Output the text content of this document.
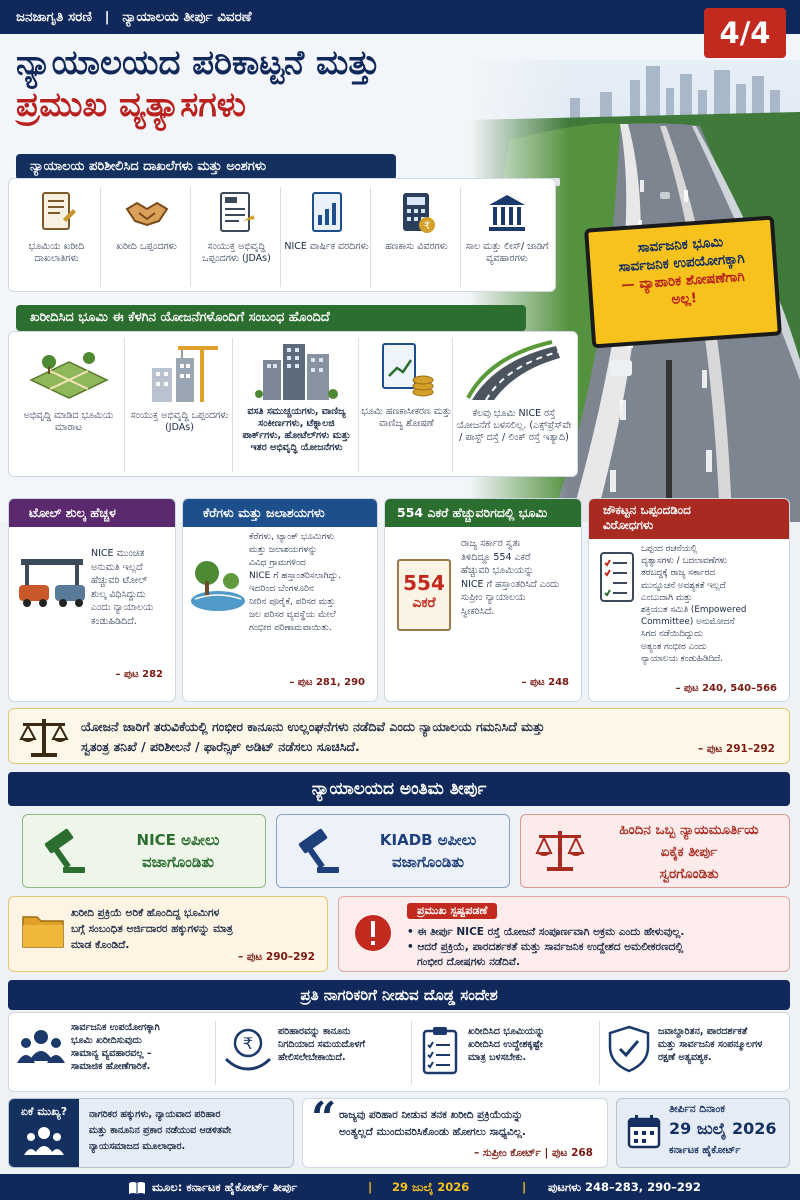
ಜನಜಾಗೃತಿ ಸರಣಿ | ನ್ಯಾಯಾಲಯ ತೀರ್ಪು ವಿವರಣೆ	4/4
ನ್ಯಾಯಾಲಯದ ಪರಿಕಾಟ್ಟನೆ ಮತ್ತು
ಪ್ರಮುಖ ವ್ಯತ್ಯಾಸಗಳು
ಸಾರ್ವಜನಿಕ ಭೂಮಿ
ಸಾರ್ವಜನಿಕ ಉಪಯೋಗಕ್ಕಾಗಿ
— ವ್ಯಾಪಾರಿಕ ಶೋಷಣೆಗಾಗಿ
ಅಲ್ಲ!
ನ್ಯಾಯಾಲಯ ಪರಿಶೀಲಿಸಿದ ದಾಖಲೆಗಳು ಮತ್ತು ಅಂಶಗಳು
ಭೂಮಿಯ ಖರೀದಿ ದಾಖಲಾತಿಗಳು
ಖರೀದಿ ಒಪ್ಪಂದಗಳು	ಸಂಯುಕ್ತ ಅಭಿವೃದ್ಧಿ ಒಪ್ಪಂದಗಳು (JDAs)
NICE ವಾರ್ಷಿಕ ವರದಿಗಳು
₹
ಹಣಕಾಸು ವಿವರಗಳು	ಸಾಲ ಮತ್ತು ಲೀಸ್/ ಜಾಡಿಗೆ ವ್ಯವಹಾರಗಳು
ಖರೀದಿಸಿದ ಭೂಮಿ ಈ ಕೆಳಗಿನ ಯೋಜನೆಗಳೊಂದಿಗೆ ಸಂಬಂಧ ಹೊಂದಿದೆ
ಅಭಿವೃದ್ಧಿ ಮಾಡಿದ ಭೂಮಿಯ ಮಾರಾಟ
ಸಂಯುಕ್ತ ಅಭಿವೃದ್ಧಿ ಒಪ್ಪಂದಗಳು (JDAs)
ವಸತಿ ಸಮುಚ್ಚಯಗಳು, ವಾಣಿಜ್ಯ ಸಂಕೀರ್ಣಗಳು, ಟೆಕ್ನಾಲಜಿ ಪಾರ್ಕ್‌ಗಳು, ಹೋಟೆಲ್‌ಗಳು ಮತ್ತು ಇತರ ಅಭಿವೃದ್ಧಿ ಯೋಜನೆಗಳು
ಭೂಮಿ ಹಣಕಾಸೀಕರಣ ಮತ್ತು ವಾಣಿಜ್ಯ ಶೋಷಣೆ
ಕೆಲವು ಭೂಮಿ NICE ರಸ್ತೆ ಯೋಜನೆಗೆ ಬಳಸಲಿಲ್ಲ. (ಎಕ್ಸ್‌ಪ್ರೆಸ್‌ವೇ / ಪಾಸ್ಟ್ ದಸ್ತೆ / ಲಿಂಕ್ ರಸ್ತೆ ಇತ್ಯಾದಿ)
ಟೋಲ್ ಶುಲ್ಕ ಹೆಚ್ಚಳ
NICE ಮುಂಚಿತ
ಅನುಮತಿ ಇಲ್ಲದೆ
ಹೆಚ್ಚುವರಿ ಟೋಲ್
ಶುಲ್ಕ ವಿಧಿಸಿದ್ದುದು
ಎಂದು ನ್ಯಾಯಾಲಯ
ಕಂಡುಹಿಡಿದಿದೆ.
– ಪುಟ 282
ಕೆರೆಗಳು ಮತ್ತು ಜಲಾಶಯಗಳು
ಕೆರೆಗಳು, ಟ್ಯಾಂಕ್ ಭೂಮಿಗಳು
ಮತ್ತು ಜಲಾಶಯಗಳನ್ನು
ವಿವಿಧ ಗ್ರಾಮಗಳಿಂದ
NICE ಗೆ ಹಸ್ತಾಂತರಿಸಲಾಗಿದ್ದು.
ಇದರಿಂದ ಬೆಂಗಳೂರಿನ
ನೀರಿನ ಪೂರೈಕೆ, ಪರಿಸರ ಮತ್ತು
ಜಲ ಪರಿಸರ ವ್ಯವಸ್ಥೆಯ ಮೇಲೆ
ಗಂಭೀರ ಪರಿಣಾಮವಾಯಿತು.
– ಪುಟ 281, 290
554 ಎಕರೆ ಹೆಚ್ಚುವರಿಗದಲ್ಲಿ ಭೂಮಿ
554
ಎಕರೆ
ರಾಜ್ಯ ಸರ್ಕಾರ ಸ್ವತಃ
ತಿಳಿದಿದ್ದೂ 554 ಎಕರೆ
ಹೆಚ್ಚುವರಿ ಭೂಮಿಯನ್ನು
NICE ಗೆ ಹಸ್ತಾಂತರಿಸಿದೆ ಎಂದು
ಸುಪ್ರೀಂ ನ್ಯಾಯಾಲಯ
ಸ್ವೀಕರಿಸಿದೆ.
– ಪುಟ 248
ಜೌಕಟ್ಟನ ಒಪ್ಪಂದಡಿಂದ
ವಿರೋಧಗಳು
ಒಪ್ಪಂದ ರಚನೆಯಲ್ಲಿ
ವ್ಯತ್ಯಾಸಗಳು / ಬದಲಾವಣೆಗಳು
ತರಬದ್ಧಕ್ಕೆ ರಾಜ್ಯ ಸರ್ಕಾರದ
ಮುನ್ನೂಚನೆ ಅವಶ್ಯಕತೆ ಇಲ್ಲದೆ
ಎಂಬುದಾಗಿ ಮತ್ತು
ಶಕ್ತಿಯುತ ಸಮಿತಿ (Empowered
Committee) ಅನುಮೋದನೆ
ಸಿಗದ ನಡೆಯಿದಿದ್ದುದು
ಅತ್ಯಂತ ಗಂಭೀರ ಎಂದು
ನ್ಯಾಯಾಲಯ ಕಂಡುಹಿಡಿದಿದೆ.
– ಪುಟ 240, 540–566
ಯೋಜನೆ ಜಾರಿಗೆ ತರುವಿಕೆಯಲ್ಲಿ ಗಂಭೀರ ಕಾನೂನು ಉಲ್ಲಂಘನೆಗಳು ನಡೆದಿವೆ ಎಂದು ನ್ಯಾಯಾಲಯ ಗಮನಿಸಿದೆ ಮತ್ತು
ಸ್ವತಂತ್ರ ತನಿಖೆ / ಪರಿಶೀಲನೆ / ಫಾರೆನ್ಸಿಕ್ ಅಡಿಟ್ ನಡೆಸಲು ಸೂಚಿಸಿದೆ.	– ಪುಟ 291–292
ನ್ಯಾಯಾಲಯದ ಅಂತಿಮ ತೀರ್ಪು
NICE ಅಪೀಲು
ವಜಾಗೊಂಡಿತು
KIADB ಅಪೀಲು
ವಜಾಗೊಂಡಿತು
ಹಿಂದಿನ ಒಬ್ಬ ನ್ಯಾಯಮೂರ್ತಿಯ
ಏಕೈಕ ತೀರ್ಪು
ಸ್ವರಗೊಂಡಿತು
ಖರೀದಿ ಪ್ರಕ್ರಿಯೆ ಅರಿಕೆ ಹೊಂದಿದ್ದ ಭೂಮಿಗಳ
ಬಗ್ಗೆ ಸಂಬಂಧಿತ ಅರ್ಜಿದಾರರ ಹಕ್ಕುಗಳನ್ನು ಮಾತ್ರ
ಮಾಡ ಕೊಂಡಿದೆ.
– ಪುಟ 290–292
ಪ್ರಮುಖ ಸ್ಪಷ್ಟಪಡಣೆ
• ಈ ತೀರ್ಪು NICE ರಸ್ತೆ ಯೋಜನೆ ಸಂಪೂರ್ಣವಾಗಿ ಅಕ್ರಮ ಎಂದು ಹೇಳುವುಲ್ಲ.
• ಆದರೆ ಪ್ರಕ್ರಿಯೆ, ಪಾರದರ್ಶಕತೆ ಮತ್ತು ಸಾರ್ವಜನಿಕ ಉದ್ದೇಶದ ಅಮಲೀಕರಣದಲ್ಲಿ
ಗಂಭೀರ ದೋಷಗಳು ನಡೆದಿವೆ.
ಪ್ರತಿ ನಾಗರಿಕರಿಗೆ ನೀಡುವ ದೊಡ್ಡ ಸಂದೇಶ
ಸಾರ್ವಜನಿಕ ಉಪಯೋಗಕ್ಕಾಗಿ
ಭೂಮಿ ಖರೀದಿಸುವುದು
ಸಾಮಾನ್ಯ ವ್ಯವಹಾರವಲ್ಲ –
ಸಾಮಾಜಿಕ ಹೋಣೆಗಾರಿಕೆ.
₹
ಪರಿಹಾರವನ್ನು ಕಾನೂನು
ನಿಗದಿಯಾದ ಸಮಯದೊಳಗೆ
ಹೇಲಿಸಲೇಬೇಕಾಯಿದೆ.
ಖರೀದಿಸಿದ ಭೂಮಿಯನ್ನು
ಖರೀದಿಸಿದ ಉದ್ದೇಶಕ್ಕಷ್ಟೇ
ಮಾತ್ರ ಬಳಸಬೇಕು.
ಜವಾಬ್ದಾರಿತನ, ಪಾರದರ್ಶಕತೆ
ಮತ್ತು ಸಾರ್ವಜನಿಕ ಸಂಪನ್ಮೂಲಗಳ
ರಕ್ಷಣೆ ಅತ್ಯವಶ್ಯಕ.
ಏಕೆ ಮುಖ್ಯ?	ನಾಗರಿಕರ ಹಕ್ಕುಗಳು, ನ್ಯಾಯವಾದ ಪರಿಹಾರ
ಮತ್ತು ಕಾನೂನಿನ ಪ್ರಕಾರ ನಡೆಯುವ ಆಡಳಿತವೇ
ನ್ಯಾಯಸಮಾಜದ ಮೂಲಾಧಾರ.
“ ರಾಜ್ಯವು ಪರಿಹಾರ ನೀಡುವ ತನಕ ಖರೀದಿ ಪ್ರಕ್ರಿಯೆಯನ್ನು
ಅಂತ್ಯಲ್ಲದೆ ಮುಂದುವರಿಸಿಕೊಂಡು ಹೋಗಲು ಸಾಧ್ಯವಿಲ್ಲ.
– ಸುಪ್ರೀಂ ಕೋರ್ಟ್ | ಪುಟ 268
ತೀರ್ಪಿನ ದಿನಾಂಕ
29 ಜುಲೈ 2026
ಕರ್ನಾಟಕ ಹೈಕೋರ್ಟ್
ಮೂಲ: ಕರ್ನಾಟಕ ಹೈಕೋರ್ಟ್ ತೀರ್ಪು	| 29 ಜುಲೈ 2026	| ಪುಟಗಳು 248–283, 290–292
